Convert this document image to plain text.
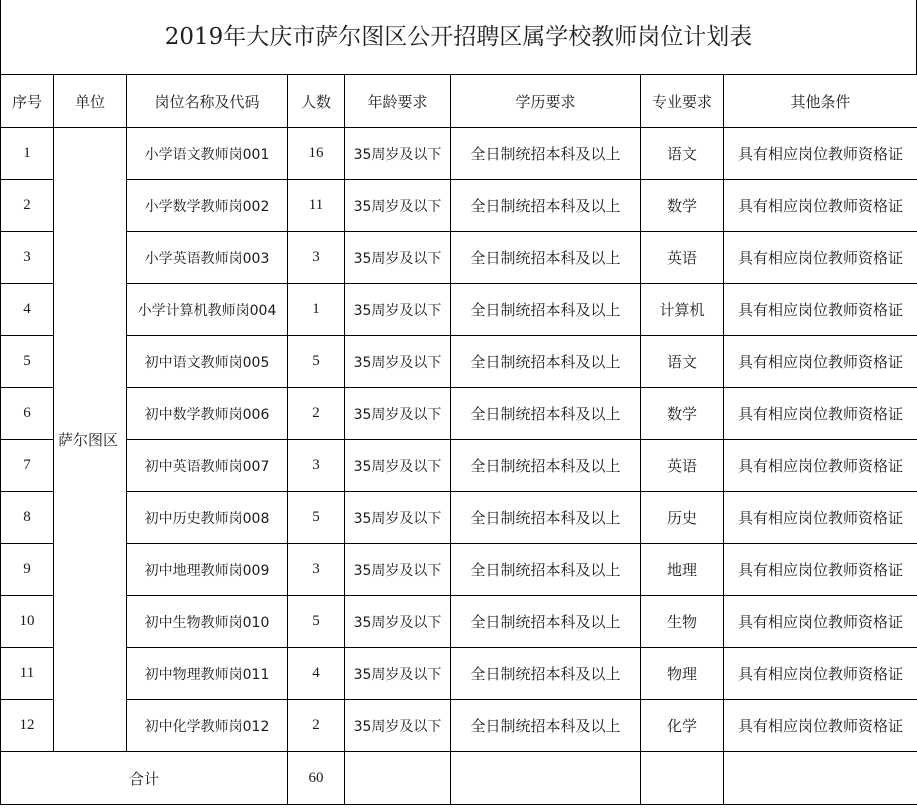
2019年大庆市萨尔图区公开招聘区属学校教师岗位计划表
序号	单位	岗位名称及代码	人数	年龄要求	学历要求	专业要求	其他条件
1	萨尔图区	小学语文教师岗001	16	35周岁及以下	全日制统招本科及以上	语文	具有相应岗位教师资格证
2		小学数学教师岗002	11	35周岁及以下	全日制统招本科及以上	数学	具有相应岗位教师资格证
3		小学英语教师岗003	3	35周岁及以下	全日制统招本科及以上	英语	具有相应岗位教师资格证
4		小学计算机教师岗004	1	35周岁及以下	全日制统招本科及以上	计算机	具有相应岗位教师资格证
5		初中语文教师岗005	5	35周岁及以下	全日制统招本科及以上	语文	具有相应岗位教师资格证
6		初中数学教师岗006	2	35周岁及以下	全日制统招本科及以上	数学	具有相应岗位教师资格证
7		初中英语教师岗007	3	35周岁及以下	全日制统招本科及以上	英语	具有相应岗位教师资格证
8		初中历史教师岗008	5	35周岁及以下	全日制统招本科及以上	历史	具有相应岗位教师资格证
9		初中地理教师岗009	3	35周岁及以下	全日制统招本科及以上	地理	具有相应岗位教师资格证
10		初中生物教师岗010	5	35周岁及以下	全日制统招本科及以上	生物	具有相应岗位教师资格证
11		初中物理教师岗011	4	35周岁及以下	全日制统招本科及以上	物理	具有相应岗位教师资格证
12		初中化学教师岗012	2	35周岁及以下	全日制统招本科及以上	化学	具有相应岗位教师资格证
合计			60				
